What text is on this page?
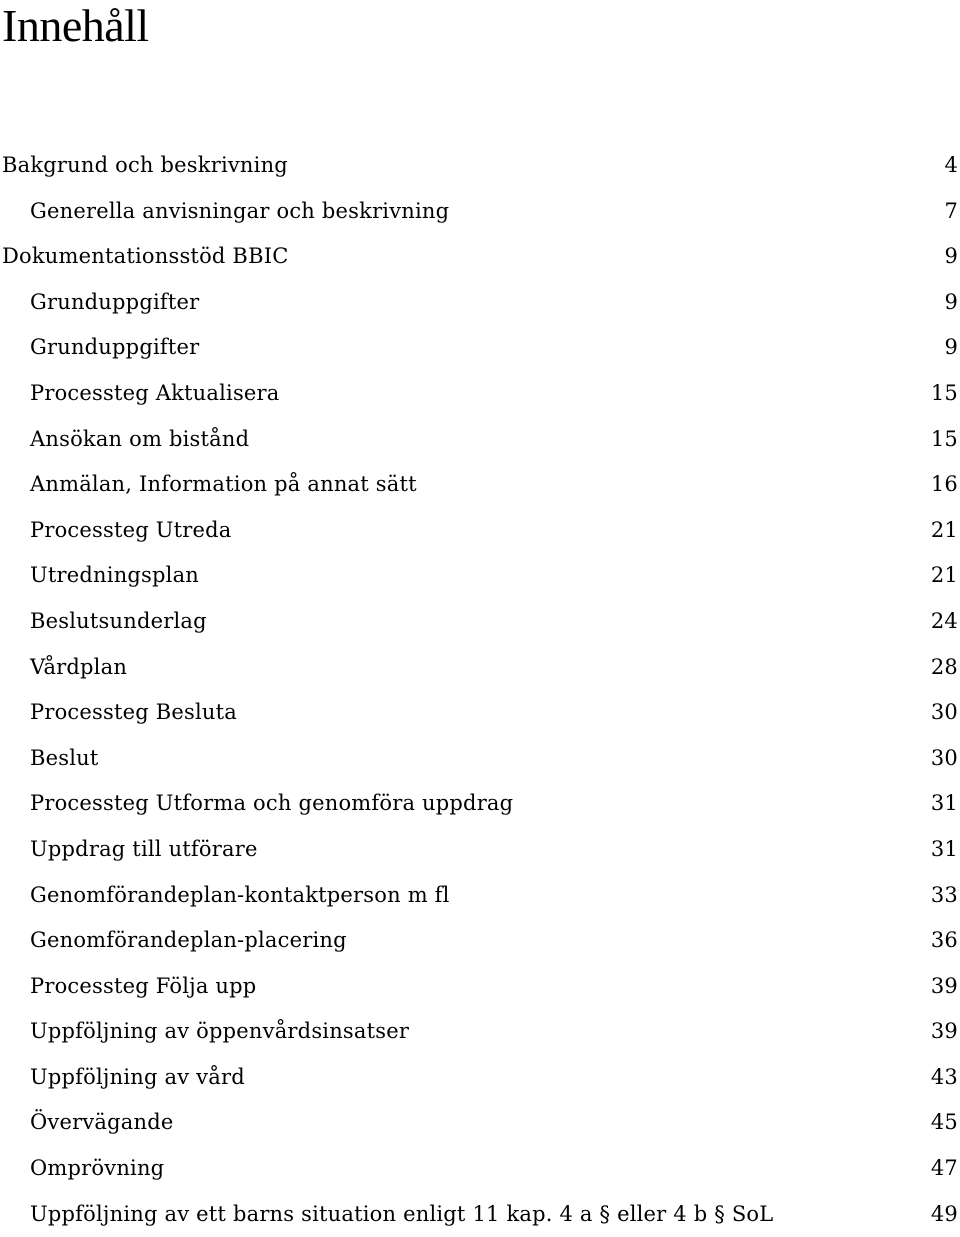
Innehåll
Bakgrund och beskrivning .....	4
Generella anvisningar och beskrivning .....	7
Dokumentationsstöd BBIC .....	9
Grunduppgifter .....	9
Grunduppgifter .....	9
Processteg Aktualisera .....	15
Ansökan om bistånd .....	15
Anmälan, Information på annat sätt .....	16
Processteg Utreda .....	21
Utredningsplan .....	21
Beslutsunderlag .....	24
Vårdplan .....	28
Processteg Besluta .....	30
Beslut .....	30
Processteg Utforma och genomföra uppdrag .....	31
Uppdrag till utförare .....	31
Genomförandeplan-kontaktperson m fl .....	33
Genomförandeplan-placering .....	36
Processteg Följa upp .....	39
Uppföljning av öppenvårdsinsatser .....	39
Uppföljning av vård .....	43
Övervägande .....	45
Omprövning .....	47
Uppföljning av ett barns situation enligt 11 kap. 4 a § eller 4 b § SoL .....	49
